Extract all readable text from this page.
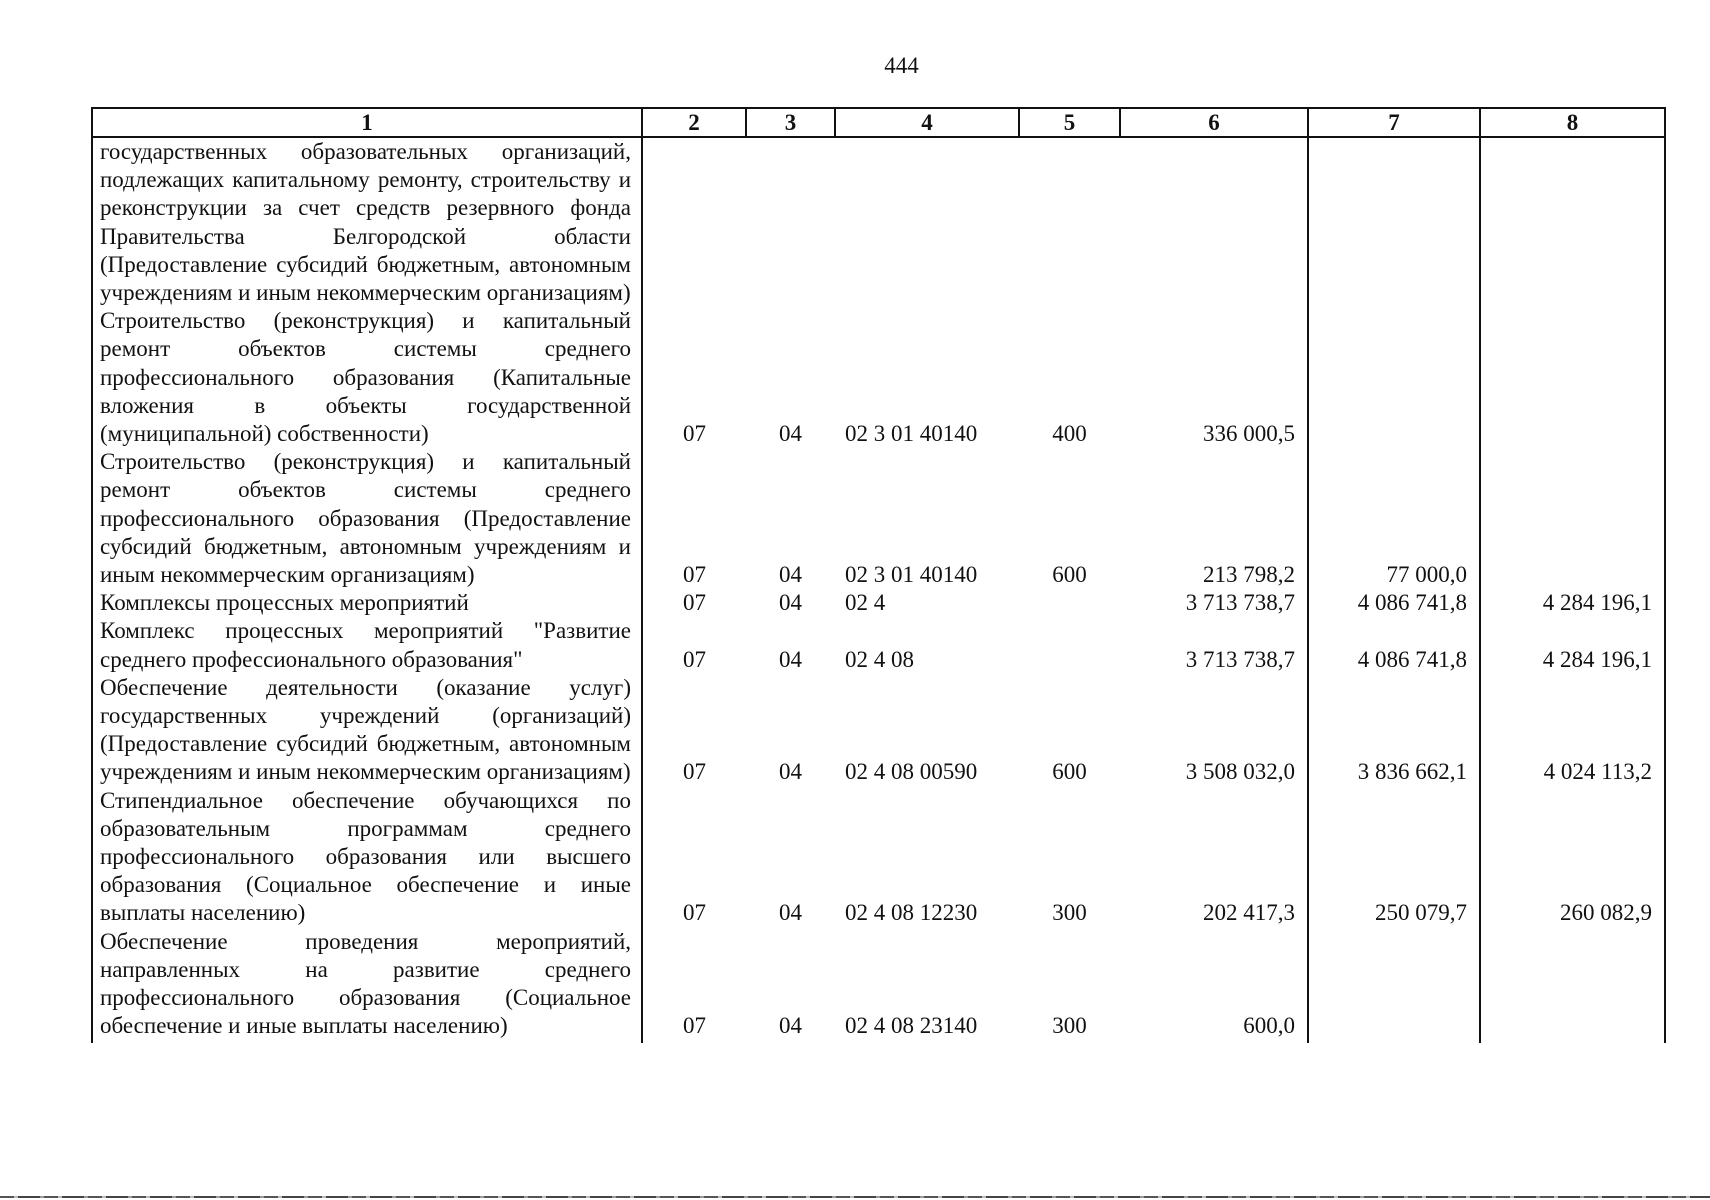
444
1	2	3	4	5	6	7	8
государственных образовательных организаций, подлежащих капитальному ремонту, строительству и реконструкции за счет средств резервного фонда Правительства Белгородской области (Предоставление субсидий бюджетным, автономным учреждениям и иным некоммерческим организациям)							
Строительство (реконструкция) и капитальный ремонт объектов системы среднего профессионального образования (Капитальные вложения в объекты государственной (муниципальной) собственности)	07	04	02 3 01 40140	400	336 000,5		
Строительство (реконструкция) и капитальный ремонт объектов системы среднего профессионального образования (Предоставление субсидий бюджетным, автономным учреждениям и иным некоммерческим организациям)	07	04	02 3 01 40140	600	213 798,2	77 000,0	
Комплексы процессных мероприятий	07	04	02 4		3 713 738,7	4 086 741,8	4 284 196,1
Комплекс процессных мероприятий "Развитие среднего профессионального образования"	07	04	02 4 08		3 713 738,7	4 086 741,8	4 284 196,1
Обеспечение деятельности (оказание услуг) государственных учреждений (организаций) (Предоставление субсидий бюджетным, автономным учреждениям и иным некоммерческим организациям)	07	04	02 4 08 00590	600	3 508 032,0	3 836 662,1	4 024 113,2
Стипендиальное обеспечение обучающихся по образовательным программам среднего профессионального образования или высшего образования (Социальное обеспечение и иные выплаты населению)	07	04	02 4 08 12230	300	202 417,3	250 079,7	260 082,9
Обеспечение проведения мероприятий, направленных на развитие среднего профессионального образования (Социальное обеспечение и иные выплаты населению)	07	04	02 4 08 23140	300	600,0		
